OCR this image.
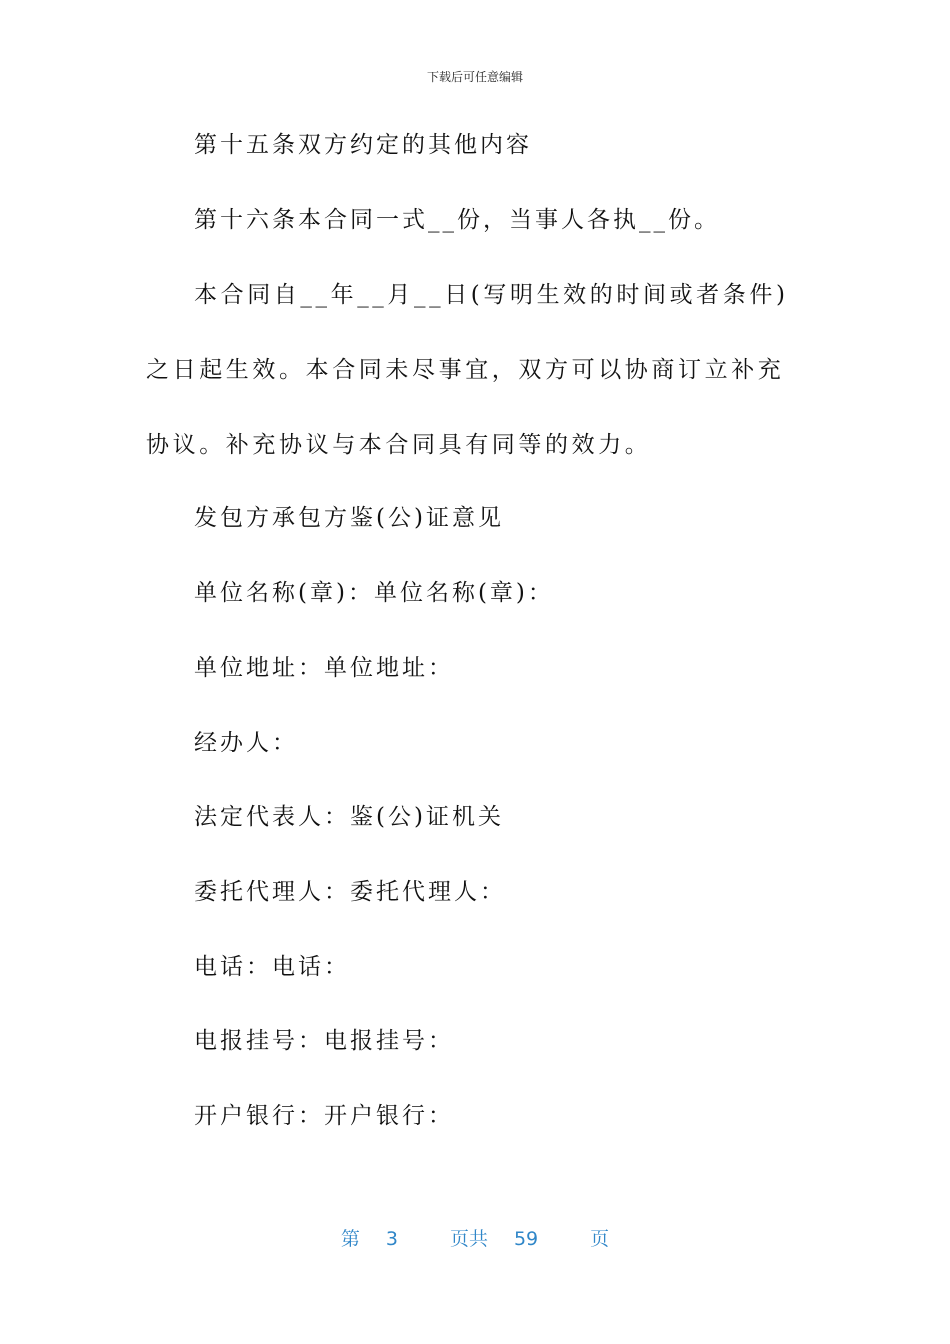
下载后可任意编辑
第十五条双方约定的其他内容
第十六条本合同一式__份，当事人各执__份。
本合同自__年__月__日(写明生效的时间或者条件)之日起生效。本合同未尽事宜，双方可以协商订立补充协议。补充协议与本合同具有同等的效力。
发包方承包方鉴(公)证意见
单位名称(章)：单位名称(章)：
单位地址：单位地址：
经办人：
法定代表人：鉴(公)证机关
委托代理人：委托代理人：
电话：电话：
电报挂号：电报挂号：
开户银行：开户银行：
第 3	页共 59	页
